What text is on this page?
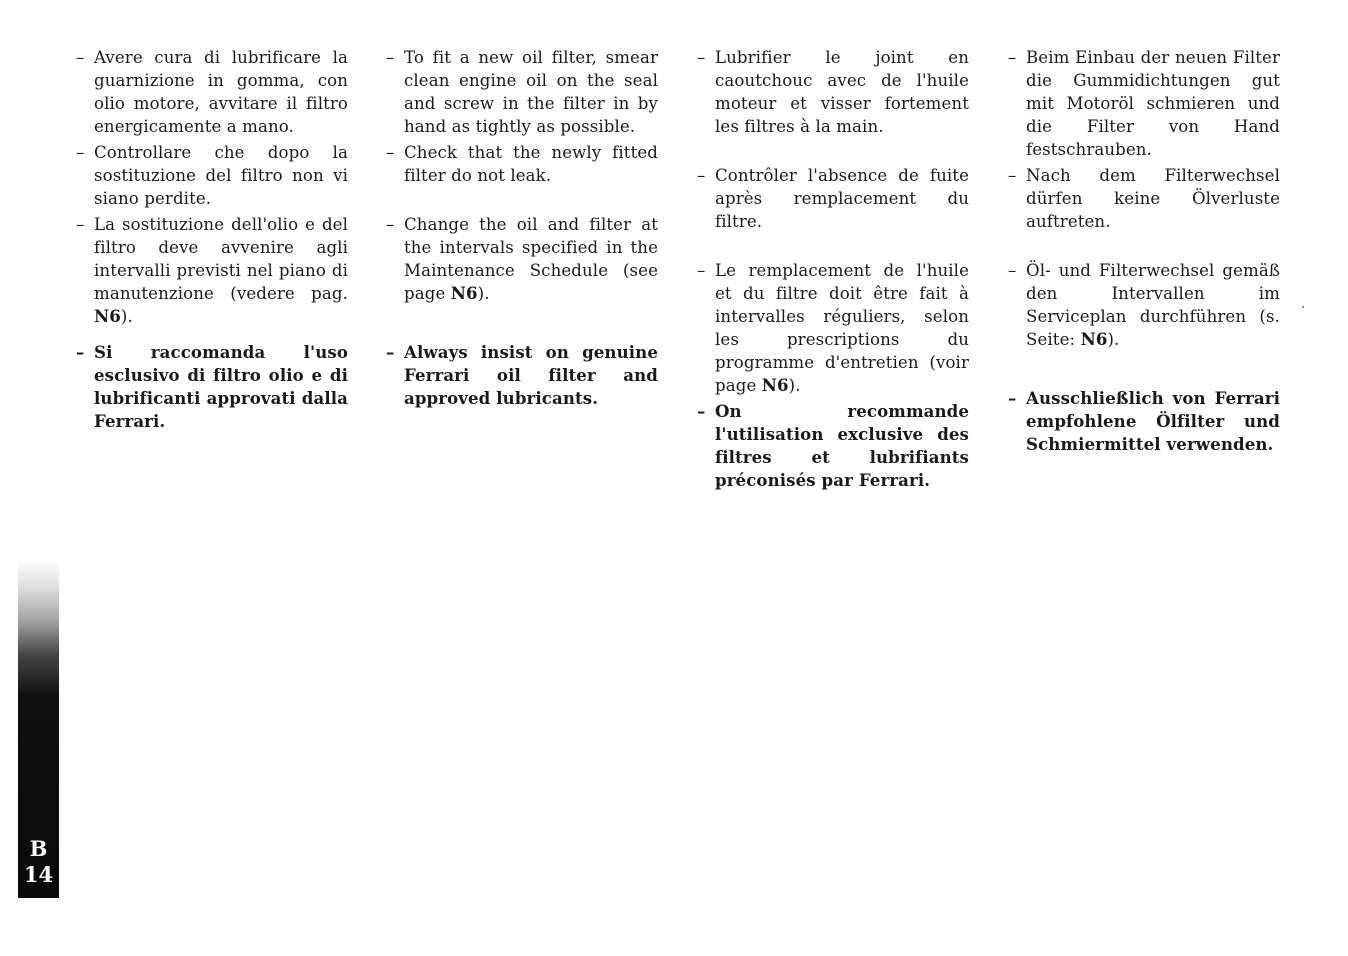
– Avere cura di lubrificare la guarnizione in gomma, con olio motore, avvitare il filtro energicamente a mano.

– Controllare che dopo la sostituzione del filtro non vi siano perdite.

– La sostituzione dell'olio e del filtro deve avvenire agli intervalli previsti nel piano di manutenzione (vedere pag. N6).

– Si raccomanda l'uso esclusivo di filtro olio e di lubrificanti approvati dalla Ferrari.

– To fit a new oil filter, smear clean engine oil on the seal and screw in the filter in by hand as tightly as possible.

– Check that the newly fitted filter do not leak.

– Change the oil and filter at the intervals specified in the Maintenance Schedule (see page N6).

– Always insist on genuine Ferrari oil filter and approved lubricants.

– Lubrifier le joint en caoutchouc avec de l'huile moteur et visser fortement les filtres à la main.

– Contrôler l'absence de fuite après remplacement du filtre.

– Le remplacement de l'huile et du filtre doit être fait à intervalles réguliers, selon les prescriptions du programme d'entretien (voir page N6).

– On recommande l'utilisation exclusive des filtres et lubrifiants préconisés par Ferrari.

– Beim Einbau der neuen Filter die Gummidichtungen gut mit Motoröl schmieren und die Filter von Hand festschrauben.

– Nach dem Filterwechsel dürfen keine Ölverluste auftreten.

– Öl- und Filterwechsel gemäß den Intervallen im Serviceplan durchführen (s. Seite: N6).

– Ausschließlich von Ferrari empfohlene Ölfilter und Schmiermittel verwenden.

B
14
